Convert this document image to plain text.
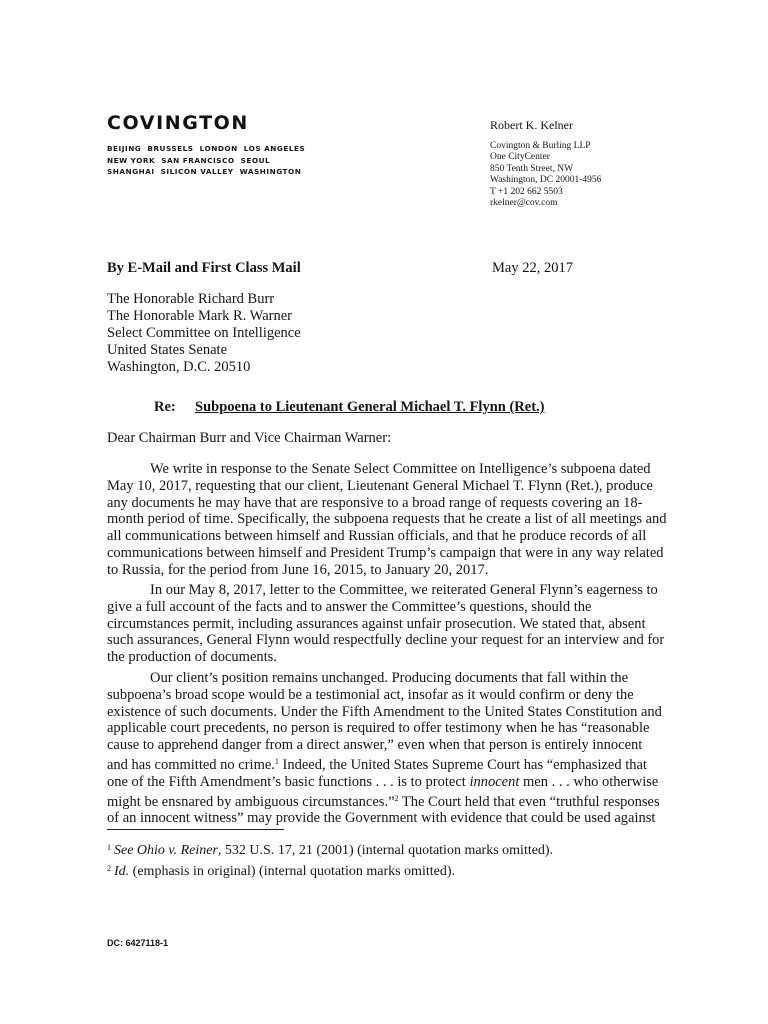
COVINGTON
BEIJING  BRUSSELS  LONDON  LOS ANGELES
NEW YORK  SAN FRANCISCO  SEOUL
SHANGHAI  SILICON VALLEY  WASHINGTON
Robert K. Kelner
Covington & Burling LLP
One CityCenter
850 Tenth Street, NW
Washington, DC 20001-4956
T +1 202 662 5503
rkelner@cov.com
By E-Mail and First Class Mail	May 22, 2017
The Honorable Richard Burr
The Honorable Mark R. Warner
Select Committee on Intelligence
United States Senate
Washington, D.C. 20510
Re: Subpoena to Lieutenant General Michael T. Flynn (Ret.)
Dear Chairman Burr and Vice Chairman Warner:
We write in response to the Senate Select Committee on Intelligence’s subpoena dated
May 10, 2017, requesting that our client, Lieutenant General Michael T. Flynn (Ret.), produce
any documents he may have that are responsive to a broad range of requests covering an 18-
month period of time. Specifically, the subpoena requests that he create a list of all meetings and
all communications between himself and Russian officials, and that he produce records of all
communications between himself and President Trump’s campaign that were in any way related
to Russia, for the period from June 16, 2015, to January 20, 2017.
In our May 8, 2017, letter to the Committee, we reiterated General Flynn’s eagerness to
give a full account of the facts and to answer the Committee’s questions, should the
circumstances permit, including assurances against unfair prosecution. We stated that, absent
such assurances, General Flynn would respectfully decline your request for an interview and for
the production of documents.
Our client’s position remains unchanged. Producing documents that fall within the
subpoena’s broad scope would be a testimonial act, insofar as it would confirm or deny the
existence of such documents. Under the Fifth Amendment to the United States Constitution and
applicable court precedents, no person is required to offer testimony when he has “reasonable
cause to apprehend danger from a direct answer,” even when that person is entirely innocent
and has committed no crime.$^1$ Indeed, the United States Supreme Court has “emphasized that
one of the Fifth Amendment’s basic functions . . . is to protect innocent men . . . who otherwise
might be ensnared by ambiguous circumstances.”$^2$ The Court held that even “truthful responses
of an innocent witness” may provide the Government with evidence that could be used against
$^1$ See Ohio v. Reiner, 532 U.S. 17, 21 (2001) (internal quotation marks omitted).
$^2$ Id. (emphasis in original) (internal quotation marks omitted).
DC: 6427118-1
